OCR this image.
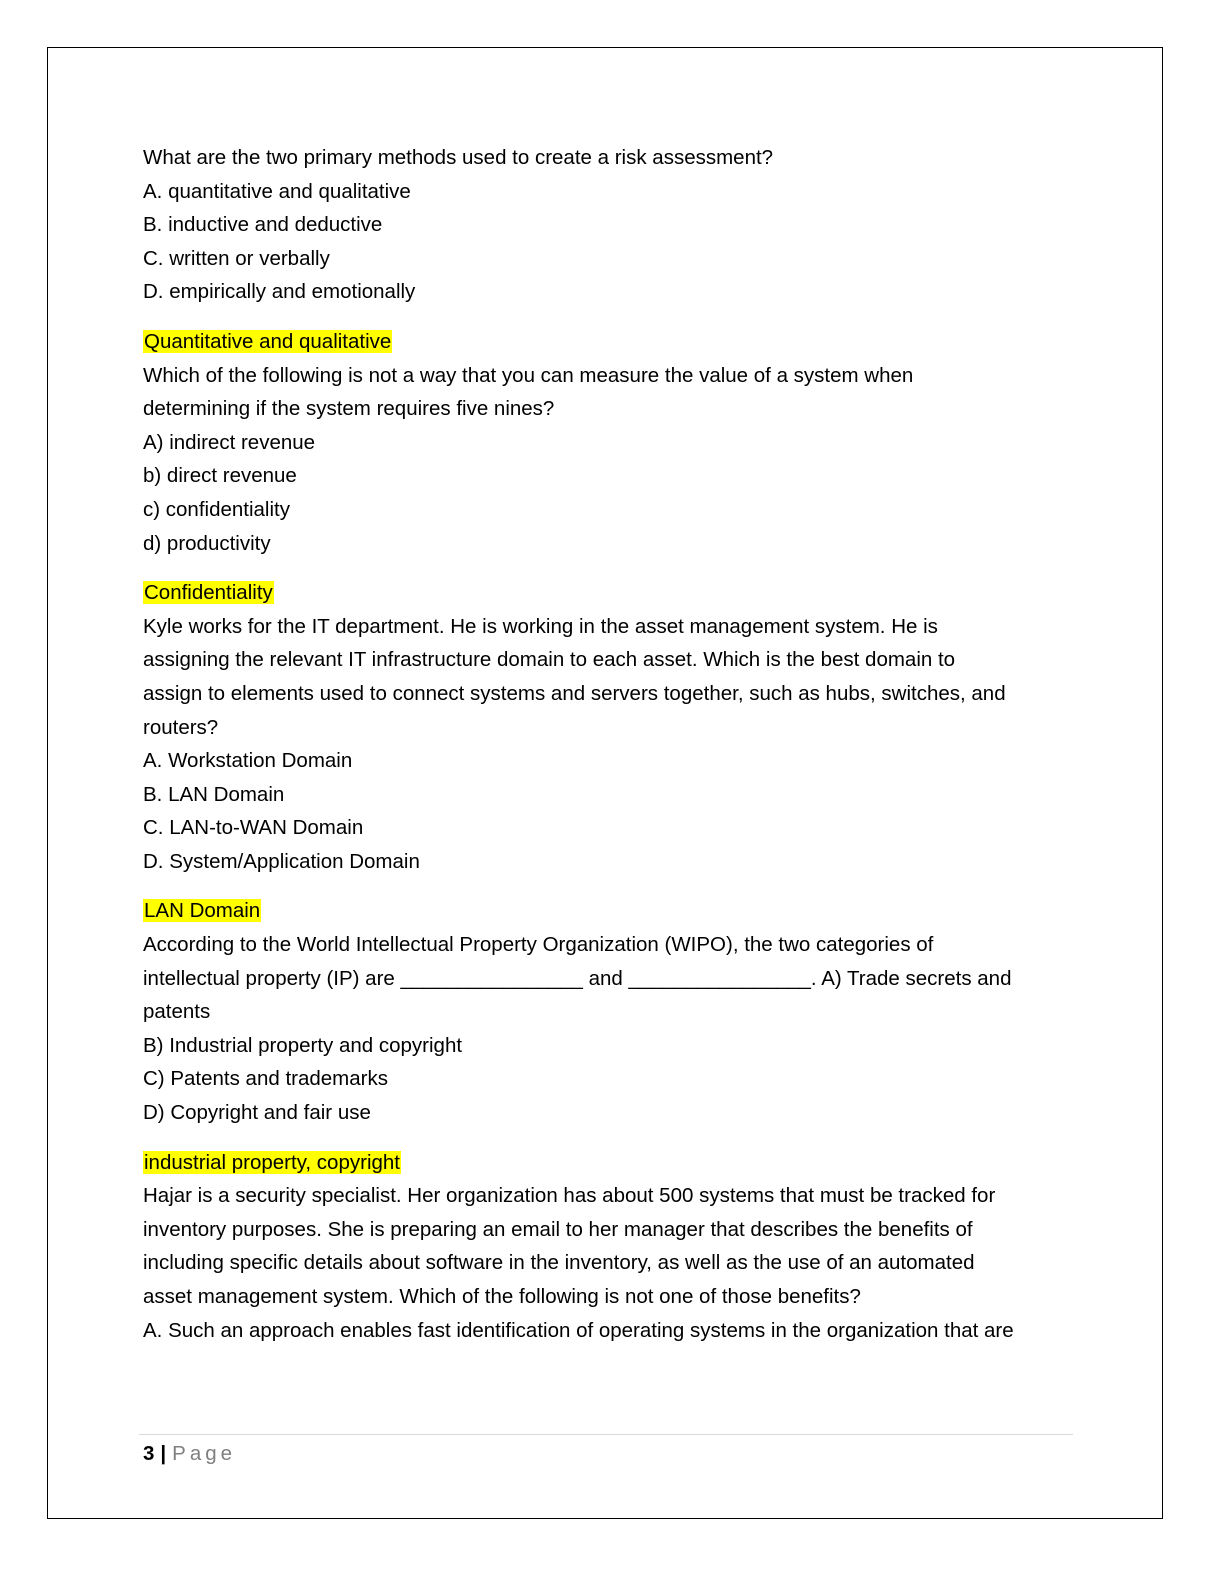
What are the two primary methods used to create a risk assessment?

A. quantitative and qualitative

B. inductive and deductive

C. written or verbally

D. empirically and emotionally

Quantitative and qualitative

Which of the following is not a way that you can measure the value of a system when

determining if the system requires five nines?

A) indirect revenue

b) direct revenue

c) confidentiality

d) productivity

Confidentiality

Kyle works for the IT department. He is working in the asset management system. He is

assigning the relevant IT infrastructure domain to each asset. Which is the best domain to

assign to elements used to connect systems and servers together, such as hubs, switches, and

routers?

A. Workstation Domain

B. LAN Domain

C. LAN-to-WAN Domain

D. System/Application Domain

LAN Domain

According to the World Intellectual Property Organization (WIPO), the two categories of

intellectual property (IP) are ________________ and ________________. A) Trade secrets and

patents

B) Industrial property and copyright

C) Patents and trademarks

D) Copyright and fair use

industrial property, copyright

Hajar is a security specialist. Her organization has about 500 systems that must be tracked for

inventory purposes. She is preparing an email to her manager that describes the benefits of

including specific details about software in the inventory, as well as the use of an automated

asset management system. Which of the following is not one of those benefits?

A. Such an approach enables fast identification of operating systems in the organization that are

3 | Page
